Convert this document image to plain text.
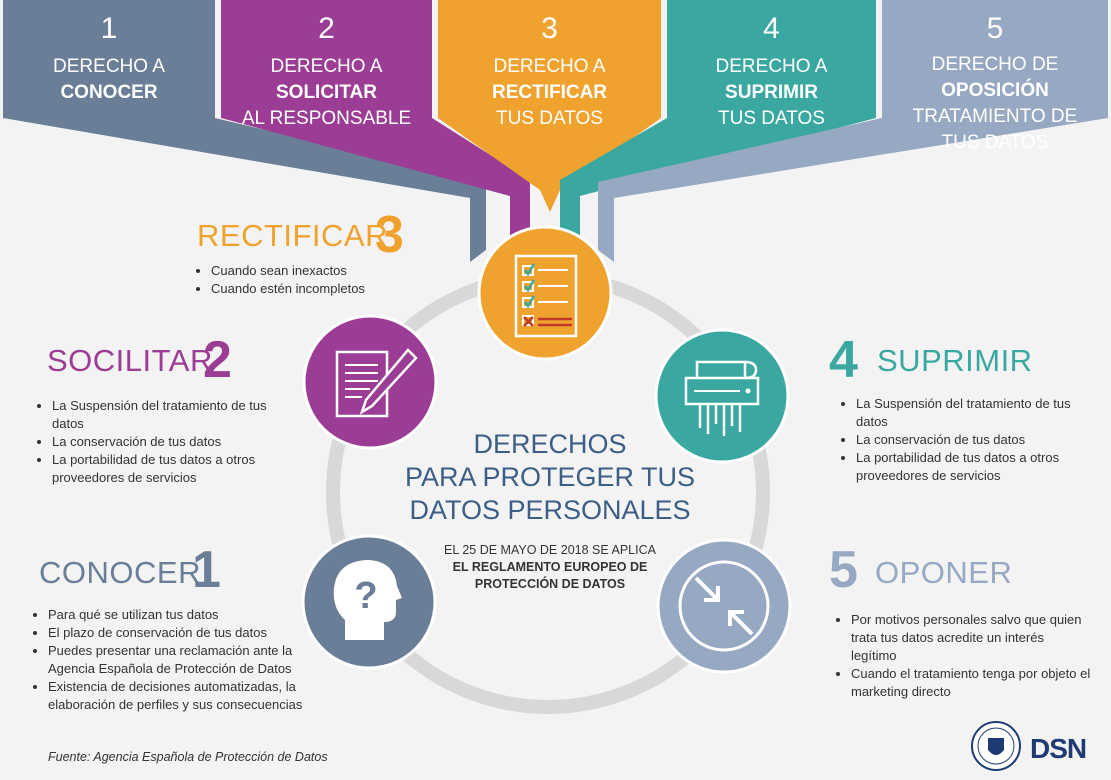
?
1
DERECHO A CONOCER
2
DERECHO A SOLICITAR
AL RESPONSABLE
3
DERECHO A RECTIFICAR
TUS DATOS
4
DERECHO A SUPRIMIR
TUS DATOS
5
DERECHO DE OPOSICIÓN
TRATAMIENTO DE TUS DATOS
RECTIFICAR
3
• Cuando sean inexactos
• Cuando estén incompletos
SOCILITAR
2
• La Suspensión del tratamiento de tus datos
• La conservación de tus datos
• La portabilidad de tus datos a otros proveedores de servicios
4 SUPRIMIR
• La Suspensión del tratamiento de tus datos
• La conservación de tus datos
• La portabilidad de tus datos a otros proveedores de servicios
CONOCER
1
• Para qué se utilizan tus datos
• El plazo de conservación de tus datos
• Puedes presentar una reclamación ante la Agencia Española de Protección de Datos
• Existencia de decisiones automatizadas, la elaboración de perfiles y sus consecuencias
5 OPONER
• Por motivos personales salvo que quien trata tus datos acredite un interés legítimo
• Cuando el tratamiento tenga por objeto el marketing directo
DERECHOS
PARA PROTEGER TUS
DATOS PERSONALES
EL 25 DE MAYO DE 2018 SE APLICA
EL REGLAMENTO EUROPEO DE
PROTECCIÓN DE DATOS
Fuente: Agencia Española de Protección de Datos	DSN
